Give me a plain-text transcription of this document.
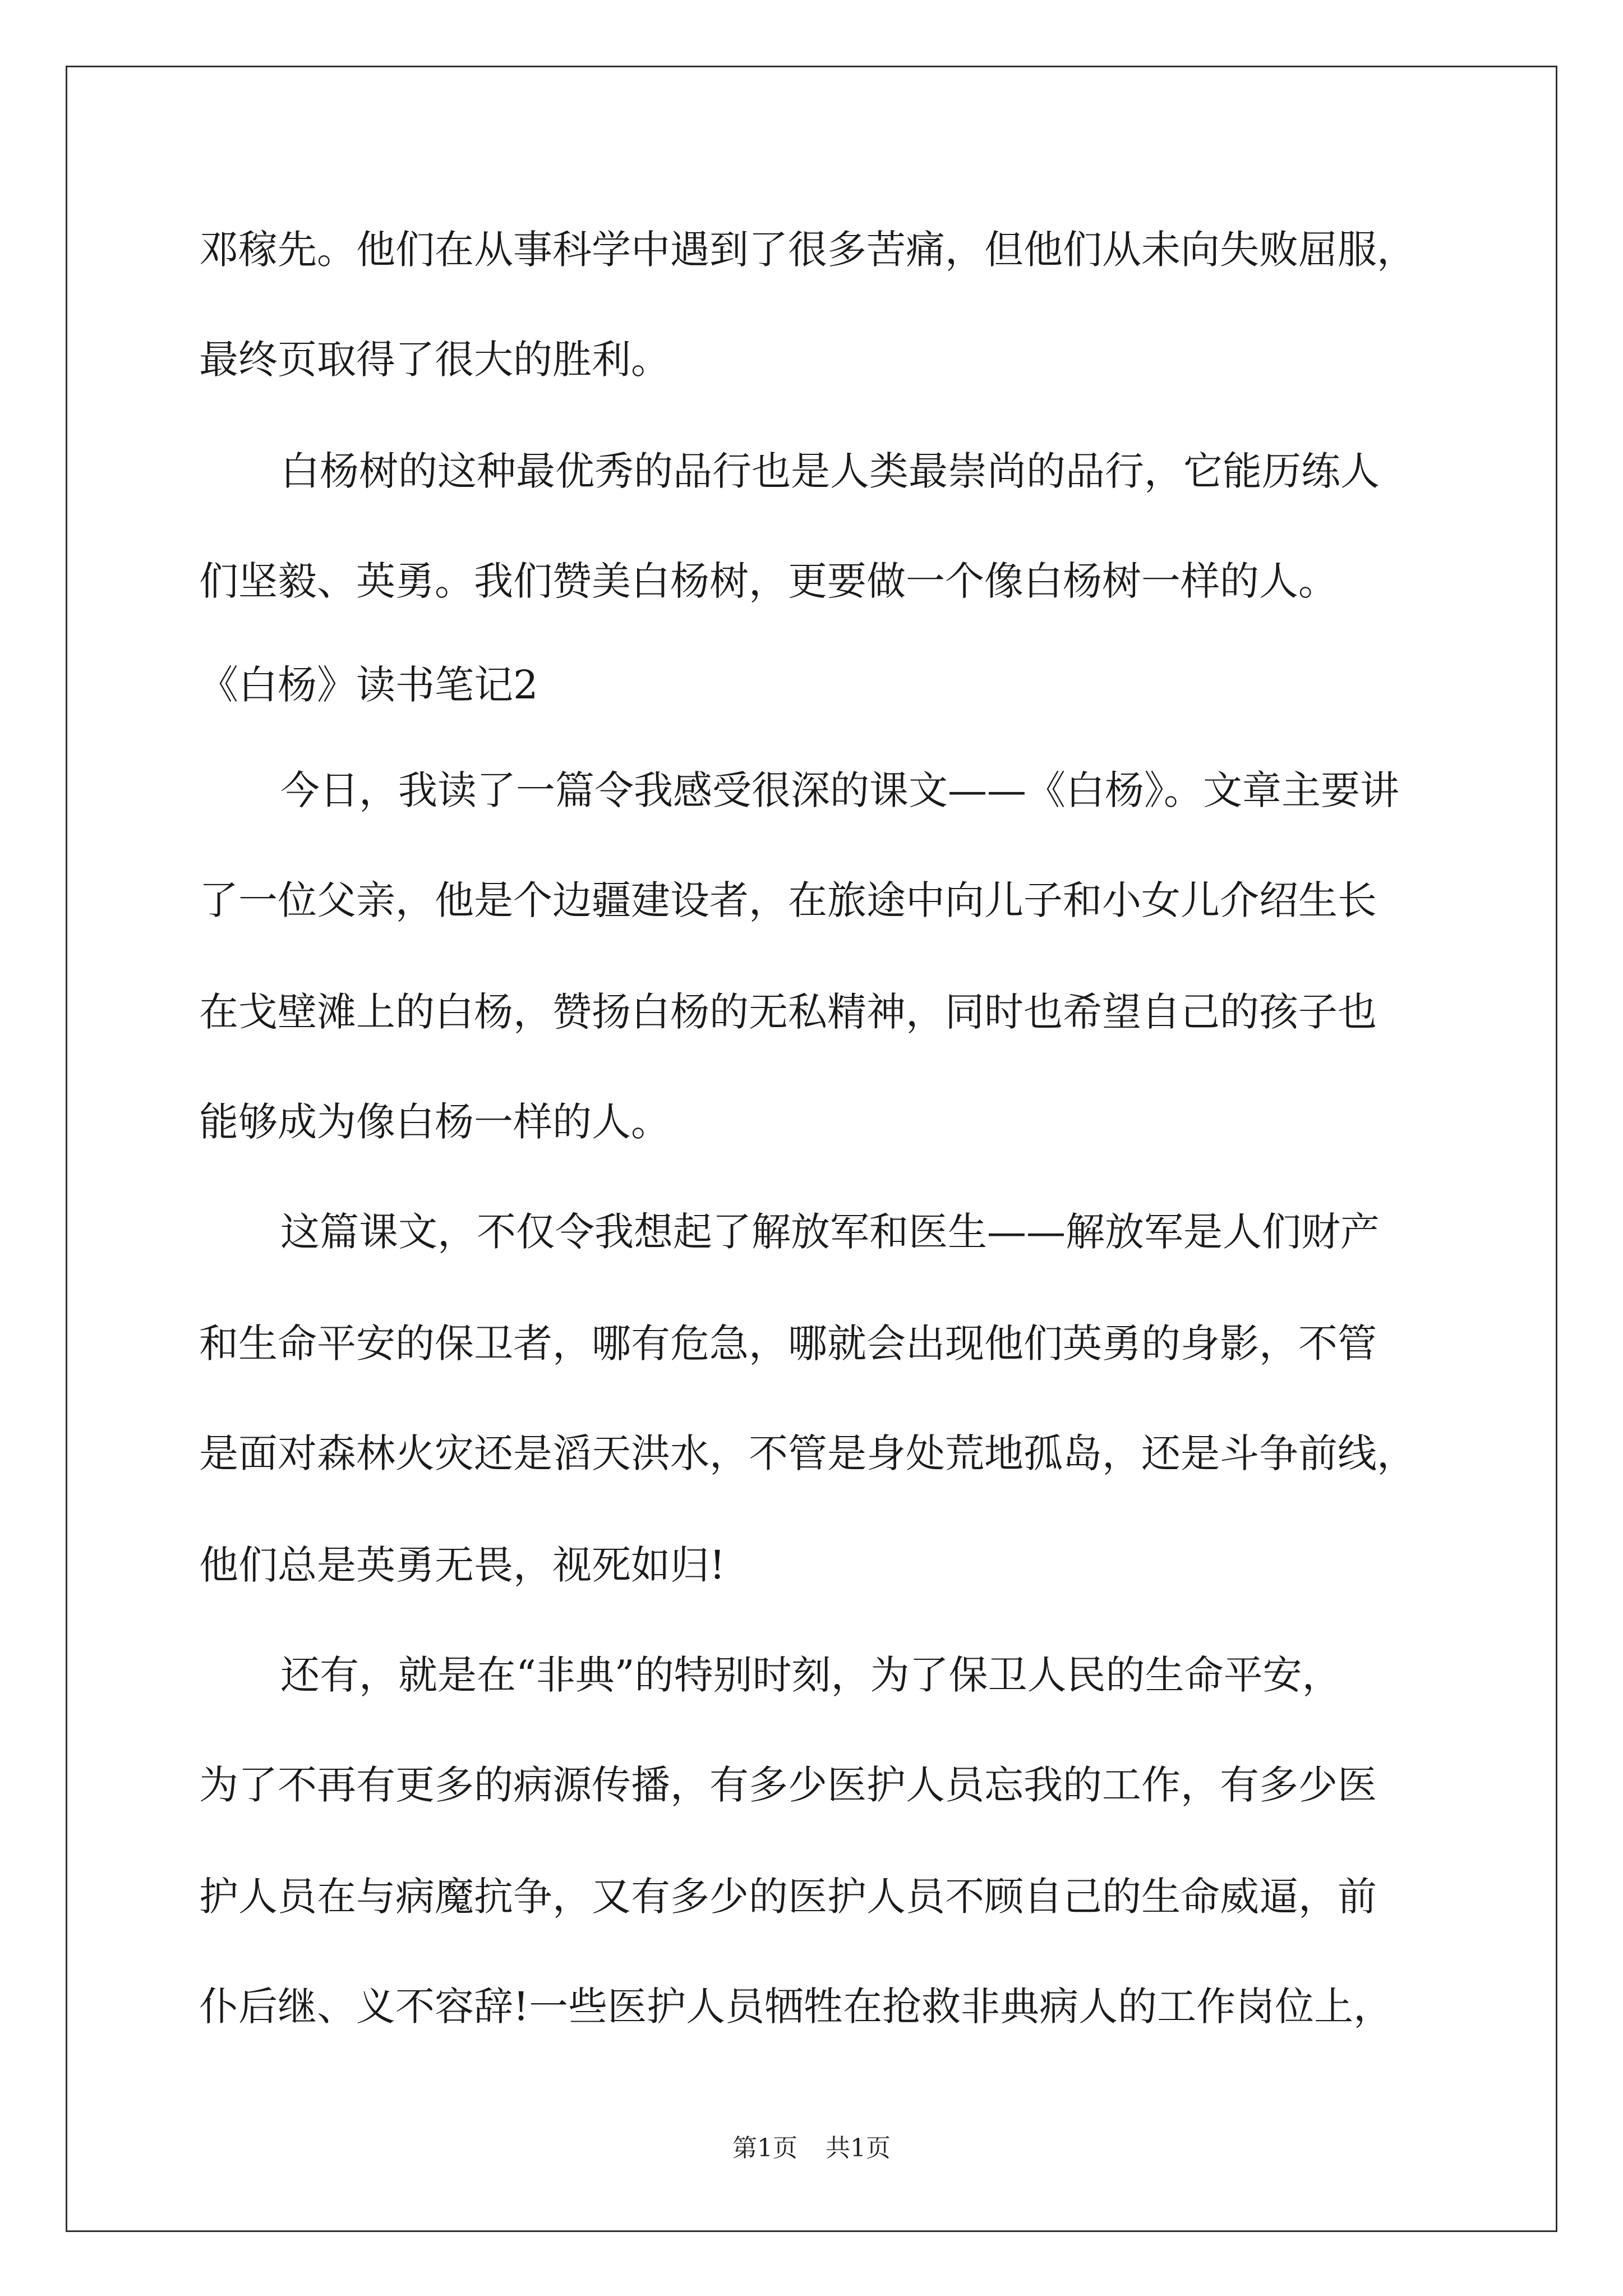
邓稼先。他们在从事科学中遇到了很多苦痛，但他们从未向失败屈服，
最终页取得了很大的胜利。
白杨树的这种最优秀的品行也是人类最崇尚的品行，它能历练人
们坚毅、英勇。我们赞美白杨树，更要做一个像白杨树一样的人。
《白杨》读书笔记2
今日，我读了一篇令我感受很深的课文——《白杨》。文章主要讲
了一位父亲，他是个边疆建设者，在旅途中向儿子和小女儿介绍生长
在戈壁滩上的白杨，赞扬白杨的无私精神，同时也希望自己的孩子也
能够成为像白杨一样的人。
这篇课文，不仅令我想起了解放军和医生——解放军是人们财产
和生命平安的保卫者，哪有危急，哪就会出现他们英勇的身影，不管
是面对森林火灾还是滔天洪水，不管是身处荒地孤岛，还是斗争前线，
他们总是英勇无畏，视死如归!
还有，就是在“非典”的特别时刻，为了保卫人民的生命平安，
为了不再有更多的病源传播，有多少医护人员忘我的工作，有多少医
护人员在与病魔抗争，又有多少的医护人员不顾自己的生命威逼，前
仆后继、义不容辞!一些医护人员牺牲在抢救非典病人的工作岗位上，
第1页 共1页
